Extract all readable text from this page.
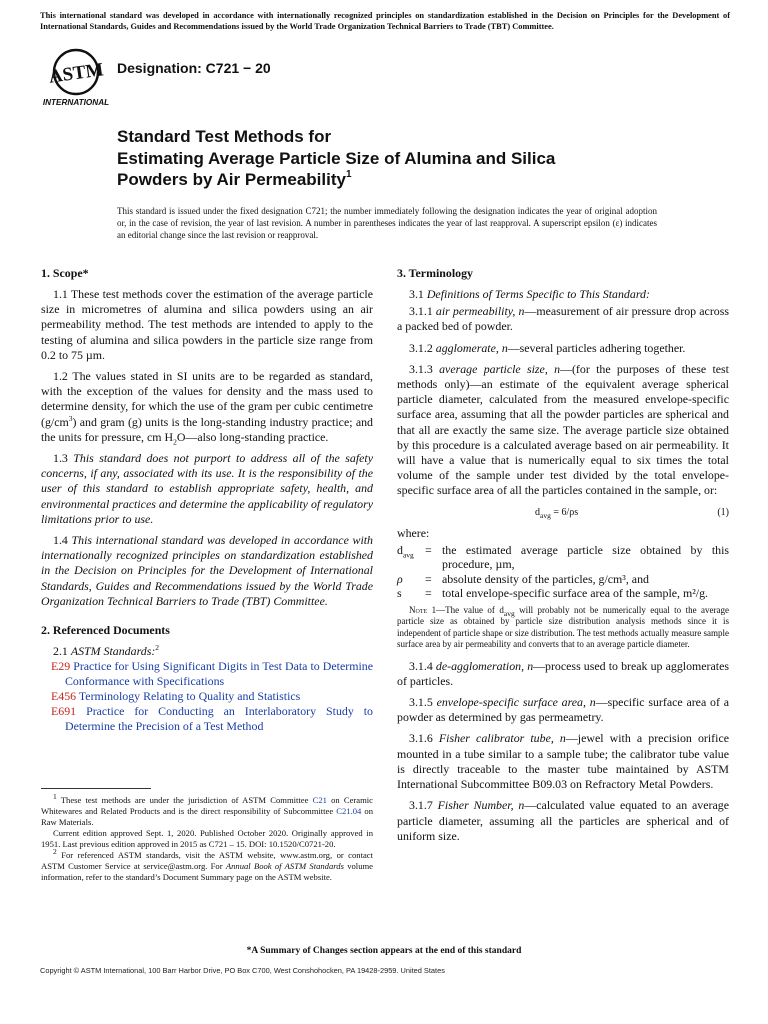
This international standard was developed in accordance with internationally recognized principles on standardization established in the Decision on Principles for the Development of International Standards, Guides and Recommendations issued by the World Trade Organization Technical Barriers to Trade (TBT) Committee.
ASTM
INTERNATIONAL
Designation: C721 − 20
Standard Test Methods for
Estimating Average Particle Size of Alumina and Silica
Powders by Air Permeability$^1$
This standard is issued under the fixed designation C721; the number immediately following the designation indicates the year of original adoption or, in the case of revision, the year of last revision. A number in parentheses indicates the year of last reapproval. A superscript epsilon (ε) indicates an editorial change since the last revision or reapproval.
1. Scope*

1.1 These test methods cover the estimation of the average particle size in micrometres of alumina and silica powders using an air permeability method. The test methods are intended to apply to the testing of alumina and silica powders in the particle size range from 0.2 to 75 µm.

1.2 The values stated in SI units are to be regarded as standard, with the exception of the values for density and the mass used to determine density, for which the use of the gram per cubic centimetre $(g/cm^3)$ and gram (g) units is the long-standing industry practice; and the units for pressure, cm $H_2O—also$ long-standing practice.

1.3 This standard does not purport to address all of the safety concerns, if any, associated with its use. It is the responsibility of the user of this standard to establish appropriate safety, health, and environmental practices and determine the applicability of regulatory limitations prior to use.

1.4 This international standard was developed in accordance with internationally recognized principles on standardization established in the Decision on Principles for the Development of International Standards, Guides and Recommendations issued by the World Trade Organization Technical Barriers to Trade (TBT) Committee.

2. Referenced Documents

2.1 ASTM Standards:$^2$

E29 Practice for Using Significant Digits in Test Data to Determine Conformance with Specifications
E456 Terminology Relating to Quality and Statistics
E691 Practice for Conducting an Interlaboratory Study to Determine the Precision of a Test Method

$^1$ These test methods are under the jurisdiction of ASTM Committee C21 on Ceramic Whitewares and Related Products and is the direct responsibility of Subcommittee C21.04 on Raw Materials.

Current edition approved Sept. 1, 2020. Published October 2020. Originally approved in 1951. Last previous edition approved in 2015 as C721 – 15. DOI: 10.1520/C0721-20.

$^2$ For referenced ASTM standards, visit the ASTM website, www.astm.org, or contact ASTM Customer Service at service@astm.org. For Annual Book of ASTM Standards volume information, refer to the standard’s Document Summary page on the ASTM website.

3. Terminology

3.1 Definitions of Terms Specific to This Standard:

3.1.1 air permeability, n—measurement of air pressure drop across a packed bed of powder.

3.1.2 agglomerate, n—several particles adhering together.

3.1.3 average particle size, n—(for the purposes of these test methods only)—an estimate of the equivalent average spherical particle diameter, calculated from the measured envelope-specific surface area, assuming that all the powder particles are spherical and that all are exactly the same size. The average particle size obtained by this procedure is a calculated average based on air permeability. It will have a value that is numerically equal to six times the total volume of the sample under test divided by the total envelope-specific surface area of all the particles contained in the sample, or:

$d_{avg} = 6/\rho s$	(1)
where:
$d_{avg}$ = the estimated average particle size obtained by this procedure, µm,
ρ	= absolute density of the particles, g/cm³, and
s	= total envelope-specific surface area of the sample, m²/g.
Note 1—The value of $d_{avg}$ will probably not be numerically equal to the average particle size as obtained by particle size distribution analysis methods since it is independent of particle shape or size distribution. The test methods actually measure sample surface area by air permeability and converts that to an average particle diameter.

3.1.4 de-agglomeration, n—process used to break up agglomerates of particles.

3.1.5 envelope-specific surface area, n—specific surface area of a powder as determined by gas permeametry.

3.1.6 Fisher calibrator tube, n—jewel with a precision orifice mounted in a tube similar to a sample tube; the calibrator tube value is directly traceable to the master tube maintained by ASTM International Subcommittee B09.03 on Refractory Metal Powders.

3.1.7 Fisher Number, n—calculated value equated to an average particle diameter, assuming all the particles are spherical and of uniform size.

*A Summary of Changes section appears at the end of this standard
Copyright © ASTM International, 100 Barr Harbor Drive, PO Box C700, West Conshohocken, PA 19428-2959. United States
